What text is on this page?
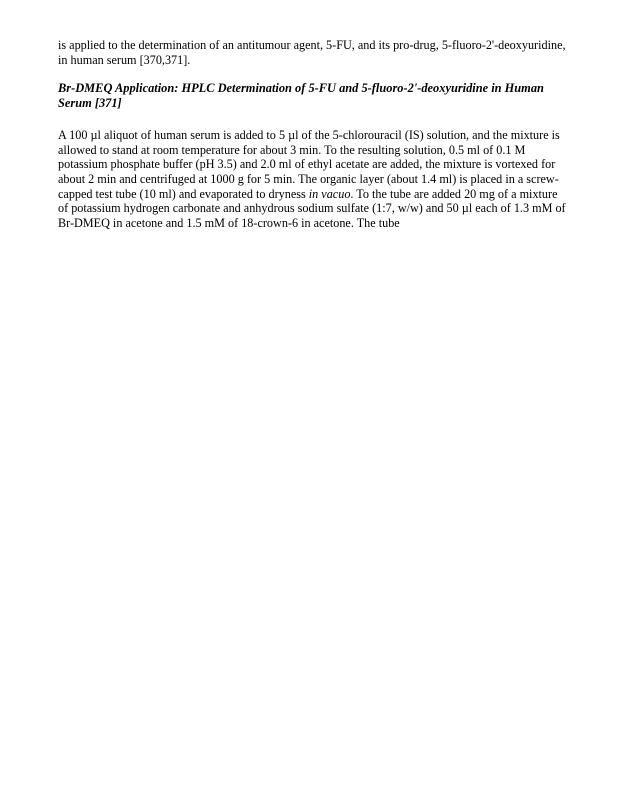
is applied to the determination of an antitumour agent, 5-FU, and its pro-drug, 5-fluoro-2'-deoxyuridine,
in human serum [370,371].

Br-DMEQ Application: HPLC Determination of 5-FU and 5-fluoro-2'-deoxyuridine in Human
Serum [371]

A 100 µl aliquot of human serum is added to 5 µl of the 5-chlorouracil (IS) solution, and the mixture is
allowed to stand at room temperature for about 3 min. To the resulting solution, 0.5 ml of 0.1 M
potassium phosphate buffer (pH 3.5) and 2.0 ml of ethyl acetate are added, the mixture is vortexed for
about 2 min and centrifuged at 1000 g for 5 min. The organic layer (about 1.4 ml) is placed in a screw-
capped test tube (10 ml) and evaporated to dryness in vacuo. To the tube are added 20 mg of a mixture
of potassium hydrogen carbonate and anhydrous sodium sulfate (1:7, w/w) and 50 µl each of 1.3 mM of
Br-DMEQ in acetone and 1.5 mM of 18-crown-6 in acetone. The tube
